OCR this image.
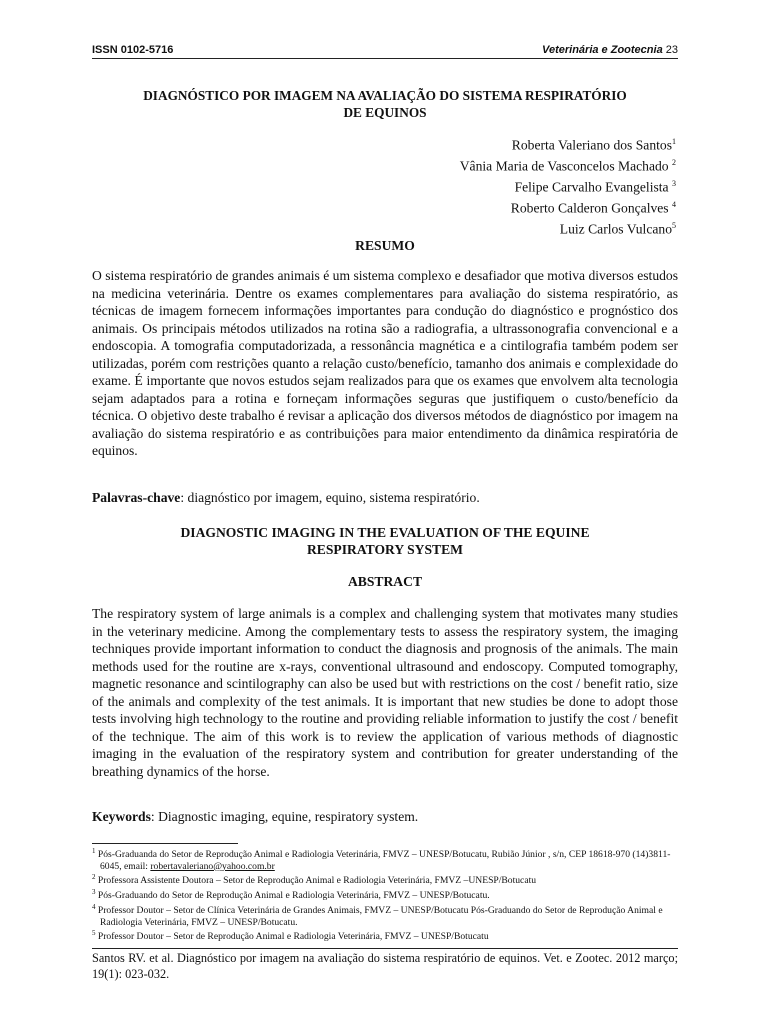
ISSN 0102-5716	Veterinária e Zootecnia 23
DIAGNÓSTICO POR IMAGEM NA AVALIAÇÃO DO SISTEMA RESPIRATÓRIO
DE EQUINOS
Roberta Valeriano dos Santos$^1$
Vânia Maria de Vasconcelos Machado $^2$
Felipe Carvalho Evangelista $^3$
Roberto Calderon Gonçalves $^4$
Luiz Carlos Vulcano$^5$
RESUMO

O sistema respiratório de grandes animais é um sistema complexo e desafiador que motiva diversos estudos na medicina veterinária. Dentre os exames complementares para avaliação do sistema respiratório, as técnicas de imagem fornecem informações importantes para condução do diagnóstico e prognóstico dos animais. Os principais métodos utilizados na rotina são a radiografia, a ultrassonografia convencional e a endoscopia. A tomografia computadorizada, a ressonância magnética e a cintilografia também podem ser utilizadas, porém com restrições quanto a relação custo/benefício, tamanho dos animais e complexidade do exame. É importante que novos estudos sejam realizados para que os exames que envolvem alta tecnologia sejam adaptados para a rotina e forneçam informações seguras que justifiquem o custo/benefício da técnica. O objetivo deste trabalho é revisar a aplicação dos diversos métodos de diagnóstico por imagem na avaliação do sistema respiratório e as contribuições para maior entendimento da dinâmica respiratória de equinos.

Palavras-chave: diagnóstico por imagem, equino, sistema respiratório.
DIAGNOSTIC IMAGING IN THE EVALUATION OF THE EQUINE
RESPIRATORY SYSTEM
ABSTRACT

The respiratory system of large animals is a complex and challenging system that motivates many studies in the veterinary medicine. Among the complementary tests to assess the respiratory system, the imaging techniques provide important information to conduct the diagnosis and prognosis of the animals. The main methods used for the routine are x-rays, conventional ultrasound and endoscopy. Computed tomography, magnetic resonance and scintilography can also be used but with restrictions on the cost / benefit ratio, size of the animals and complexity of the test animals. It is important that new studies be done to adopt those tests involving high technology to the routine and providing reliable information to justify the cost / benefit of the technique. The aim of this work is to review the application of various methods of diagnostic imaging in the evaluation of the respiratory system and contribution for greater understanding of the breathing dynamics of the horse.

Keywords: Diagnostic imaging, equine, respiratory system.
$^1$ Pós-Graduanda do Setor de Reprodução Animal e Radiologia Veterinária, FMVZ – UNESP/Botucatu, Rubião Júnior , s/n, CEP 18618-970 (14)3811-6045, email: robertavaleriano@yahoo.com.br
$^2$ Professora Assistente Doutora – Setor de Reprodução Animal e Radiologia Veterinária, FMVZ –UNESP/Botucatu
$^3$ Pós-Graduando do Setor de Reprodução Animal e Radiologia Veterinária, FMVZ – UNESP/Botucatu.
$^4$ Professor Doutor – Setor de Clínica Veterinária de Grandes Animais, FMVZ – UNESP/Botucatu Pós-Graduando do Setor de Reprodução Animal e Radiologia Veterinária, FMVZ – UNESP/Botucatu.
$^5$ Professor Doutor – Setor de Reprodução Animal e Radiologia Veterinária, FMVZ – UNESP/Botucatu
Santos RV. et al. Diagnóstico por imagem na avaliação do sistema respiratório de equinos. Vet. e Zootec. 2012 março; 19(1): 023-032.
